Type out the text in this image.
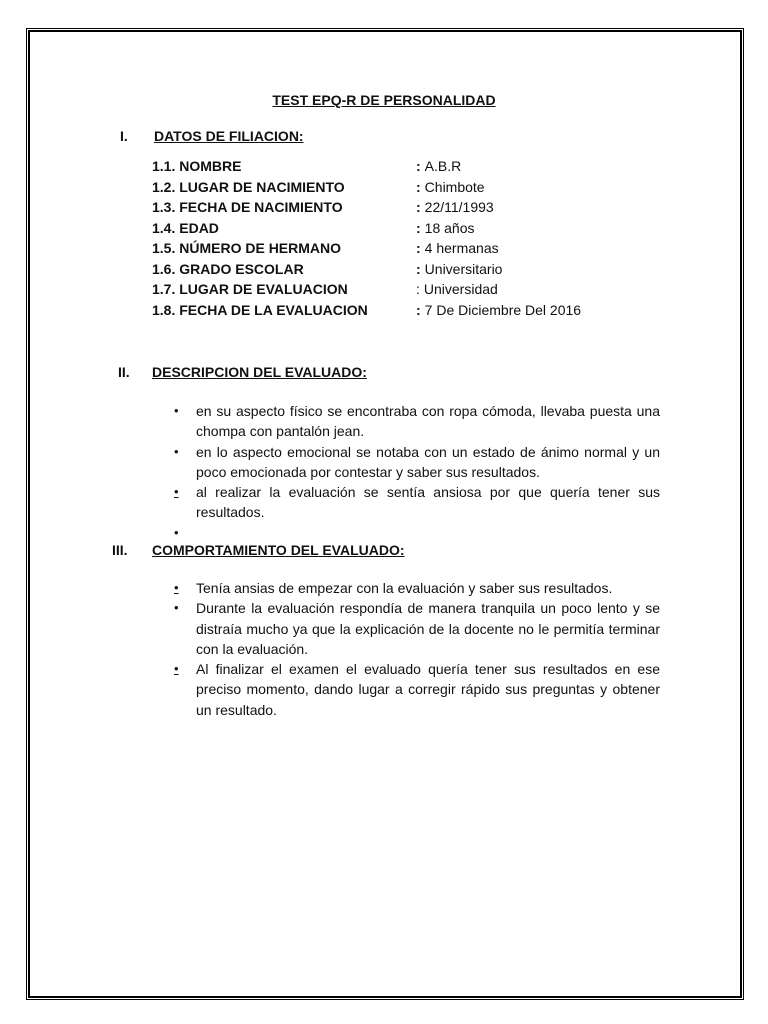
TEST EPQ-R DE PERSONALIDAD
I. DATOS DE FILIACION:
1.1. NOMBRE	: A.B.R
1.2. LUGAR DE NACIMIENTO	: Chimbote
1.3. FECHA DE NACIMIENTO	: 22/11/1993
1.4. EDAD	: 18 años
1.5. NÚMERO DE HERMANO	: 4 hermanas
1.6. GRADO ESCOLAR	: Universitario
1.7. LUGAR DE EVALUACION	: Universidad
1.8. FECHA DE LA EVALUACION	: 7 De Diciembre Del 2016
II. DESCRIPCION DEL EVALUADO:
• en su aspecto físico se encontraba con ropa cómoda, llevaba puesta una chompa con pantalón jean.
• en lo aspecto emocional se notaba con un estado de ánimo normal y un poco emocionada por contestar y saber sus resultados.
•	al realizar la evaluación se sentía ansiosa por que quería tener sus resultados.
•

III. COMPORTAMIENTO DEL EVALUADO:
•	Tenía ansias de empezar con la evaluación y saber sus resultados.
• Durante la evaluación respondía de manera tranquila un poco lento y se distraía mucho ya que la explicación de la docente no le permitía terminar con la evaluación.
•	Al finalizar el examen el evaluado quería tener sus resultados en ese preciso momento, dando lugar a corregir rápido sus preguntas y obtener un resultado.
